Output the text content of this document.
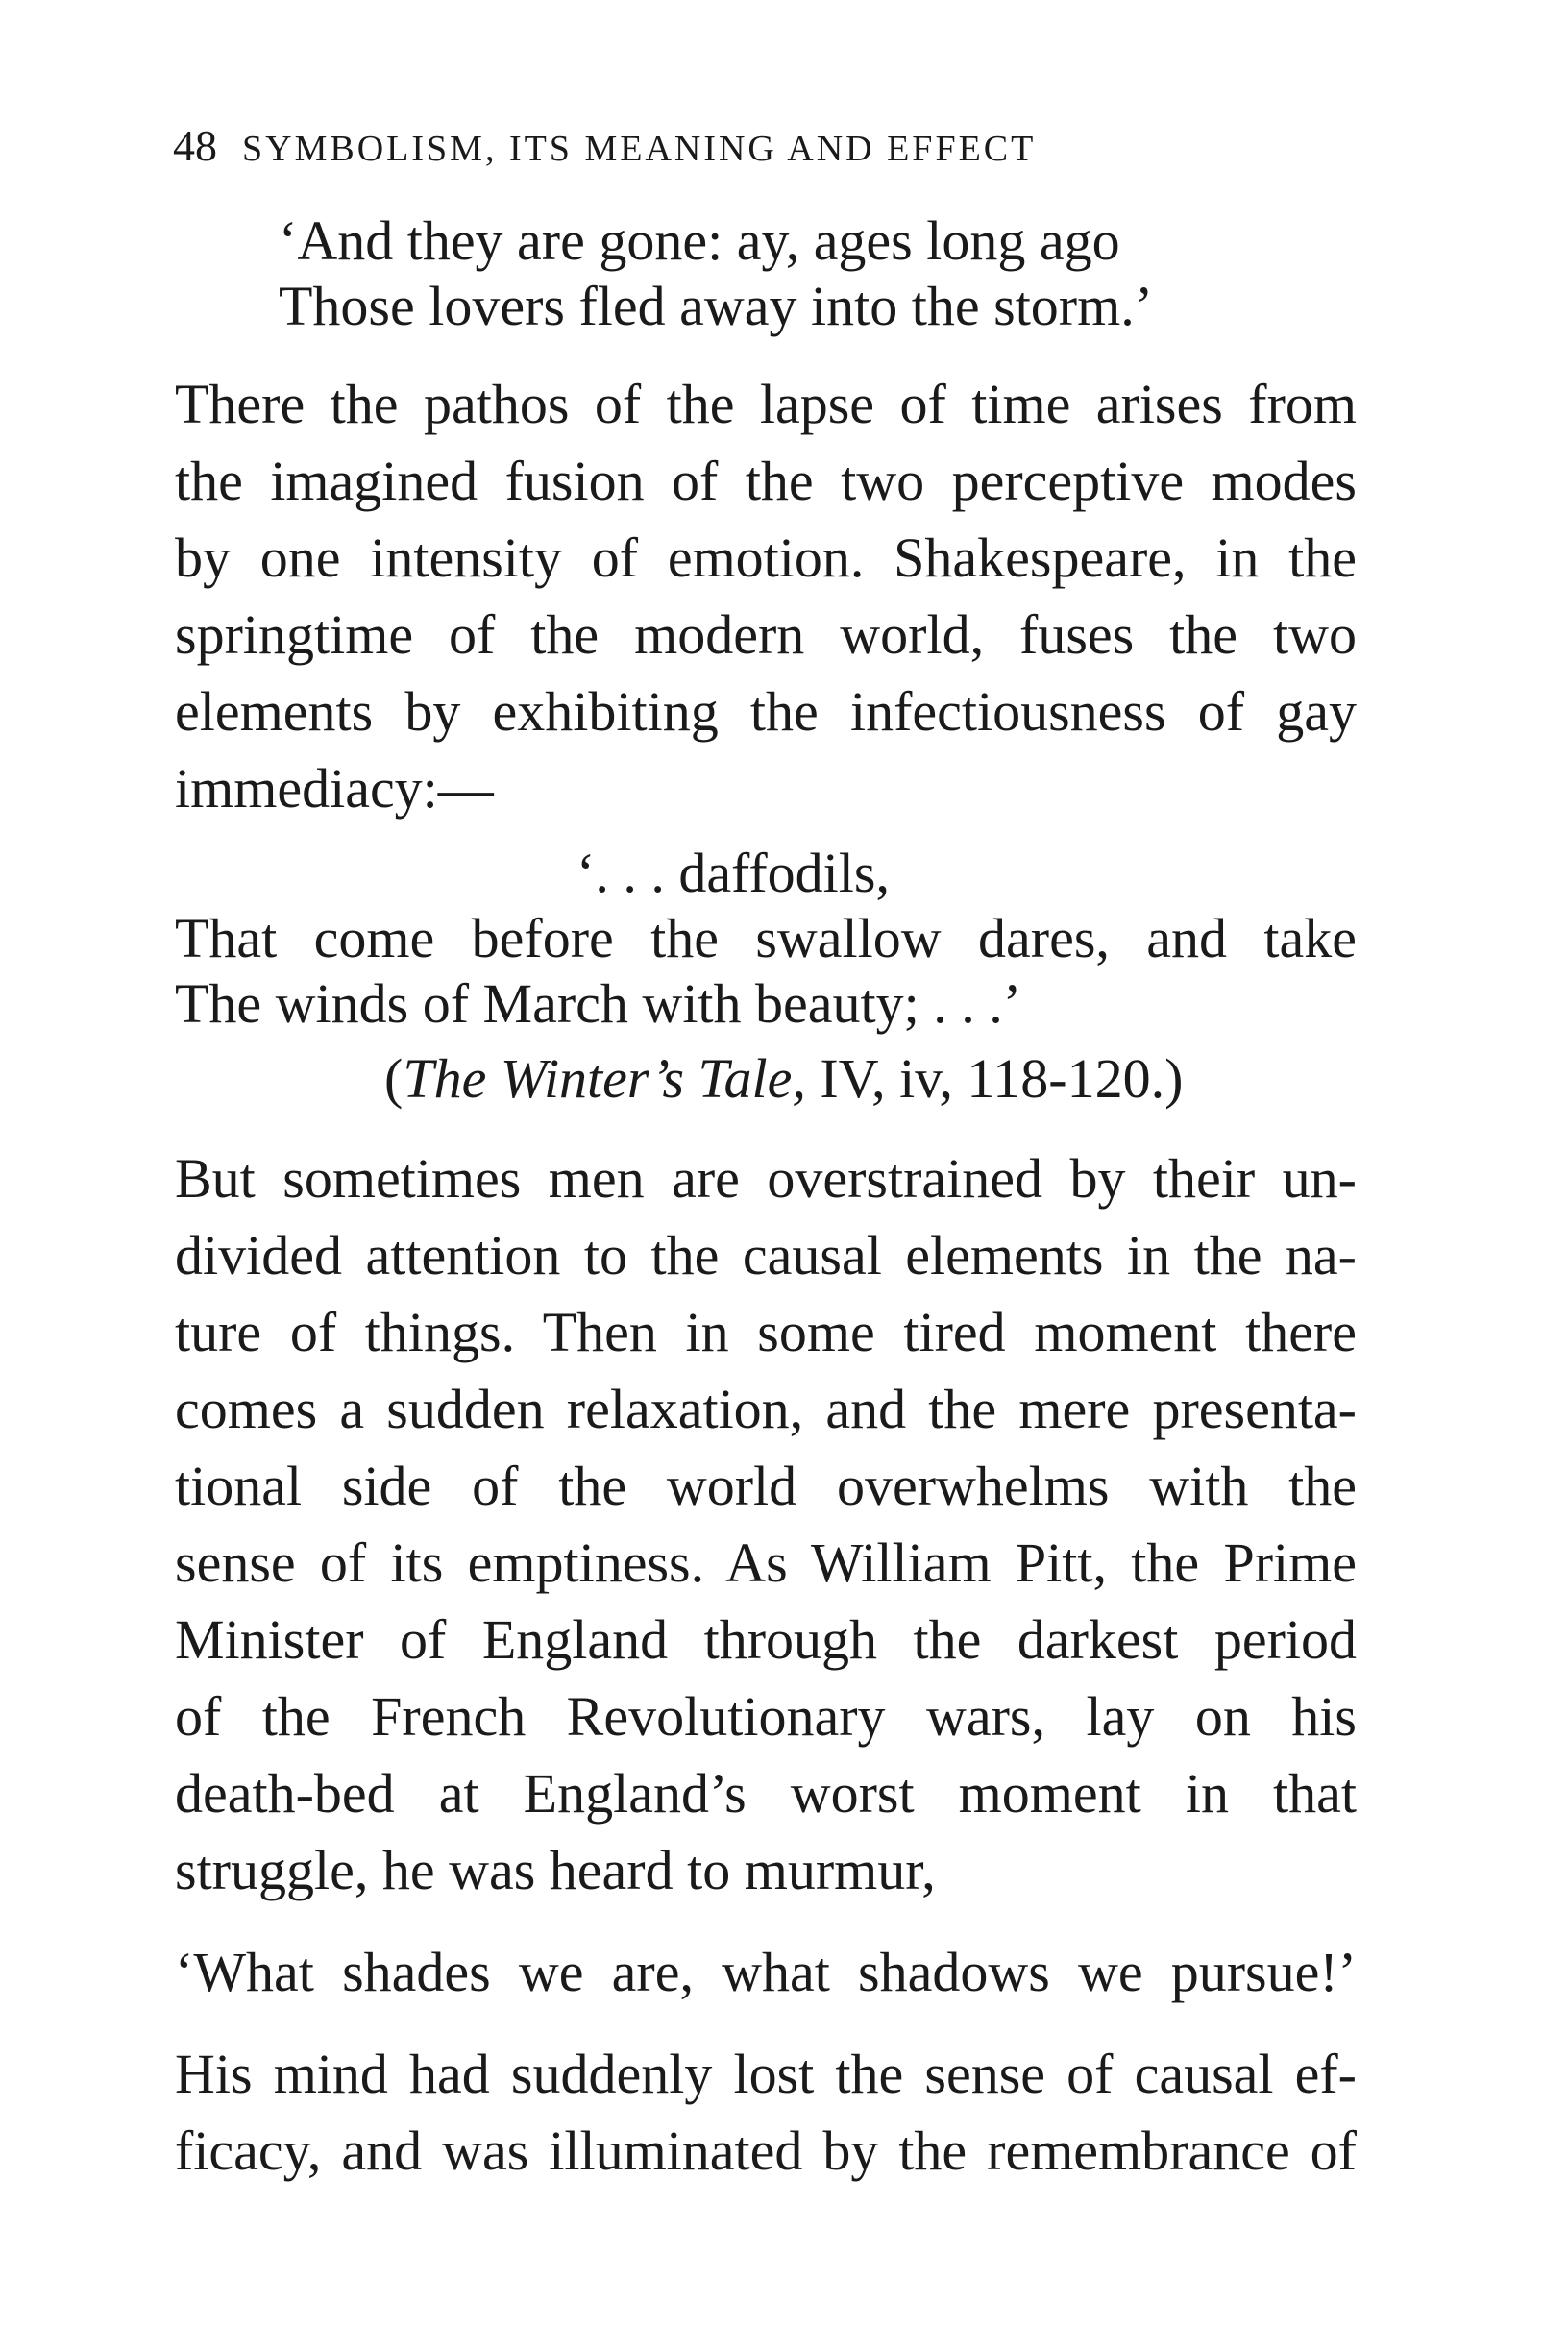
48 SYMBOLISM, ITS MEANING AND EFFECT
‘And they are gone: ay, ages long ago
Those lovers fled away into the storm.’
There the pathos of the lapse of time arises from
the imagined fusion of the two perceptive modes
by one intensity of emotion. Shakespeare, in the
springtime of the modern world, fuses the two
elements by exhibiting the infectiousness of gay
immediacy:—
‘. . . daffodils,
That come before the swallow dares, and take
The winds of March with beauty; . . .’
(The Winter’s Tale, IV, iv, 118-120.)
But sometimes men are overstrained by their un-
divided attention to the causal elements in the na-
ture of things. Then in some tired moment there
comes a sudden relaxation, and the mere presenta-
tional side of the world overwhelms with the
sense of its emptiness. As William Pitt, the Prime
Minister of England through the darkest period
of the French Revolutionary wars, lay on his
death-bed at England’s worst moment in that
struggle, he was heard to murmur,
‘What shades we are, what shadows we pursue!’
His mind had suddenly lost the sense of causal ef-
ficacy, and was illuminated by the remembrance of
